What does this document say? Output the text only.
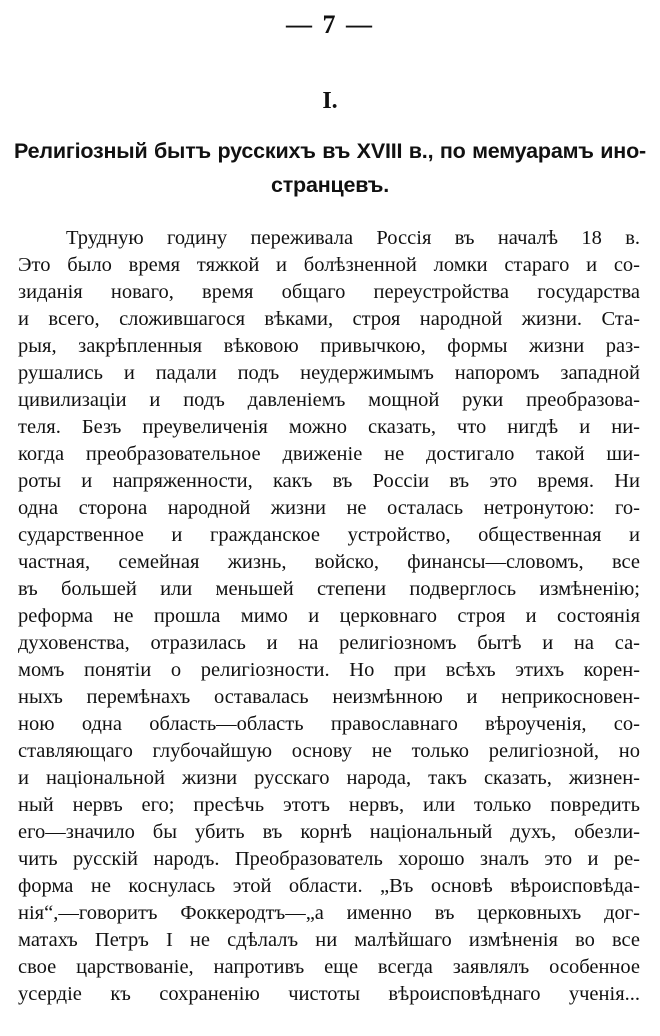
— 7 —
I.
Религіозный бытъ русскихъ въ XVIII в., по мемуарамъ ино-
странцевъ.
Трудную годину переживала Россія въ началѣ 18 в.
Это было время тяжкой и болѣзненной ломки стараго и со-
зиданія новаго, время общаго переустройства государства
и всего, сложившагося вѣками, строя народной жизни. Ста-
рыя, закрѣпленныя вѣковою привычкою, формы жизни раз-
рушались и падали подъ неудержимымъ напоромъ западной
цивилизаціи и подъ давленіемъ мощной руки преобразова-
теля. Безъ преувеличенія можно сказать, что нигдѣ и ни-
когда преобразовательное движеніе не достигало такой ши-
роты и напряженности, какъ въ Россіи въ это время. Ни
одна сторона народной жизни не осталась нетронутою: го-
сударственное и гражданское устройство, общественная и
частная, семейная жизнь, войско, финансы—словомъ, все
въ большей или меньшей степени подверглось измѣненію;
реформа не прошла мимо и церковнаго строя и состоянія
духовенства, отразилась и на религіозномъ бытѣ и на са-
момъ понятіи о религіозности. Но при всѣхъ этихъ корен-
ныхъ перемѣнахъ оставалась неизмѣнною и неприкосновен-
ною одна область—область православнаго вѣроученія, со-
ставляющаго глубочайшую основу не только религіозной, но
и національной жизни русскаго народа, такъ сказать, жизнен-
ный нервъ его; пресѣчь этотъ нервъ, или только повредить
его—значило бы убить въ корнѣ національный духъ, обезли-
чить русскій народъ. Преобразователь хорошо зналъ это и ре-
форма не коснулась этой области. „Въ основѣ вѣроисповѣда-
нія“,—говоритъ Фоккеродтъ—„а именно въ церковныхъ дог-
матахъ Петръ I не сдѣлалъ ни малѣйшаго измѣненія во все
свое царствованіе, напротивъ еще всегда заявлялъ особенное
усердіе къ сохраненію чистоты вѣроисповѣднаго ученія...
